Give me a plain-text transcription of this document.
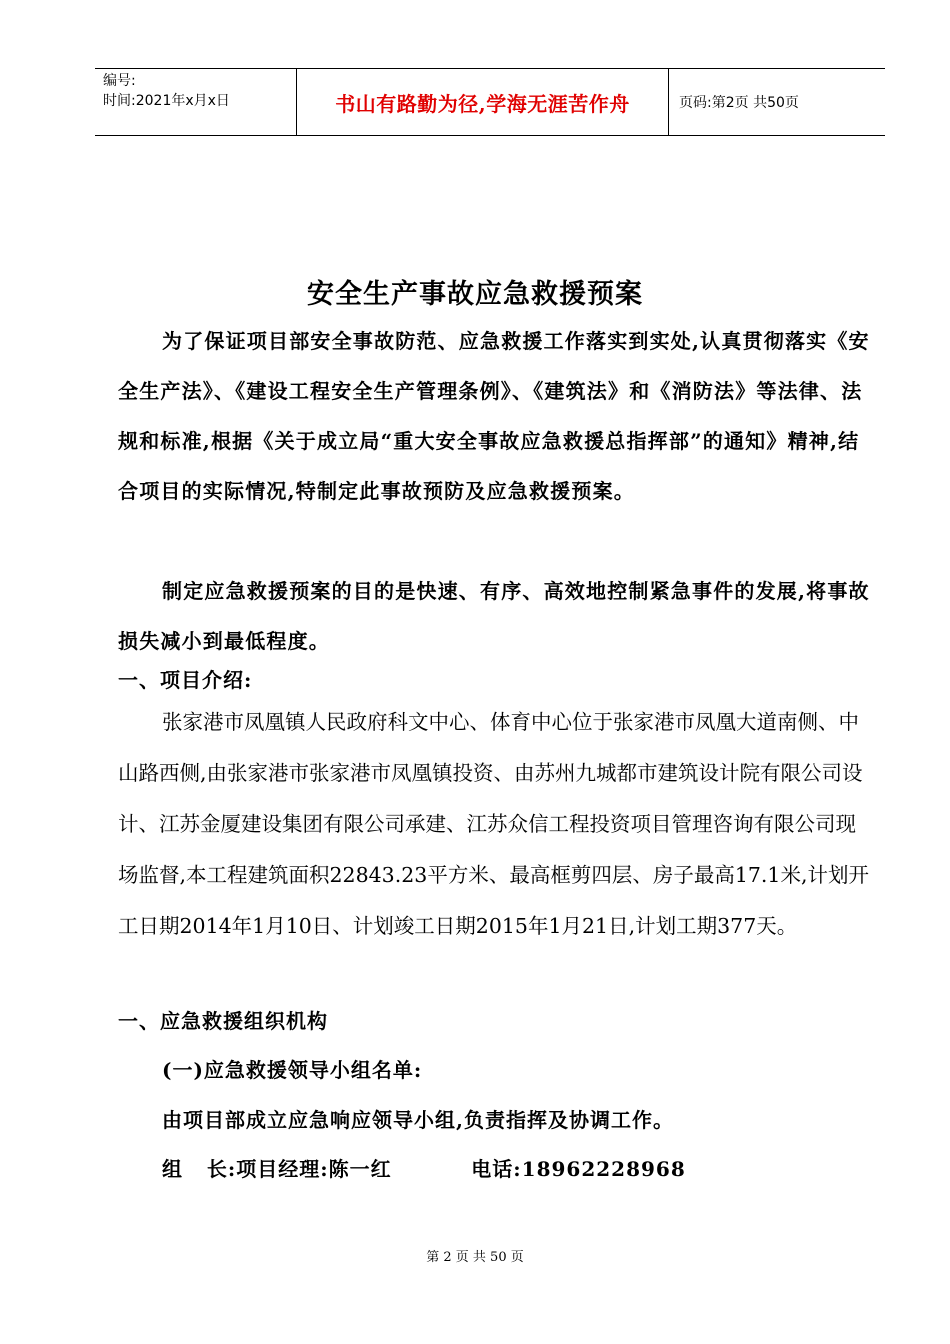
编号:
时间:2021年x月x日	书山有路勤为径,学海无涯苦作舟	页码:第2页 共50页
安全生产事故应急救援预案

为了保证项目部安全事故防范、应急救援工作落实到实处,认真贯彻落实《安全生产法》、《建设工程安全生产管理条例》、《建筑法》和《消防法》等法律、法规和标准,根据《关于成立局“重大安全事故应急救援总指挥部”的通知》精神,结合项目的实际情况,特制定此事故预防及应急救援预案。

制定应急救援预案的目的是快速、有序、高效地控制紧急事件的发展,将事故损失减小到最低程度。

一、项目介绍:

张家港市凤凰镇人民政府科文中心、体育中心位于张家港市凤凰大道南侧、中山路西侧,由张家港市张家港市凤凰镇投资、由苏州九城都市建筑设计院有限公司设计、江苏金厦建设集团有限公司承建、江苏众信工程投资项目管理咨询有限公司现场监督,本工程建筑面积22843.23平方米、最高框剪四层、房子最高17.1米,计划开工日期2014年1月10日、计划竣工日期2015年1月21日,计划工期377天。

一、应急救援组织机构

(一)应急救援领导小组名单:

由项目部成立应急响应领导小组,负责指挥及协调工作。

组   长:项目经理:陈一红          电话:18962228968

第 2 页 共 50 页
